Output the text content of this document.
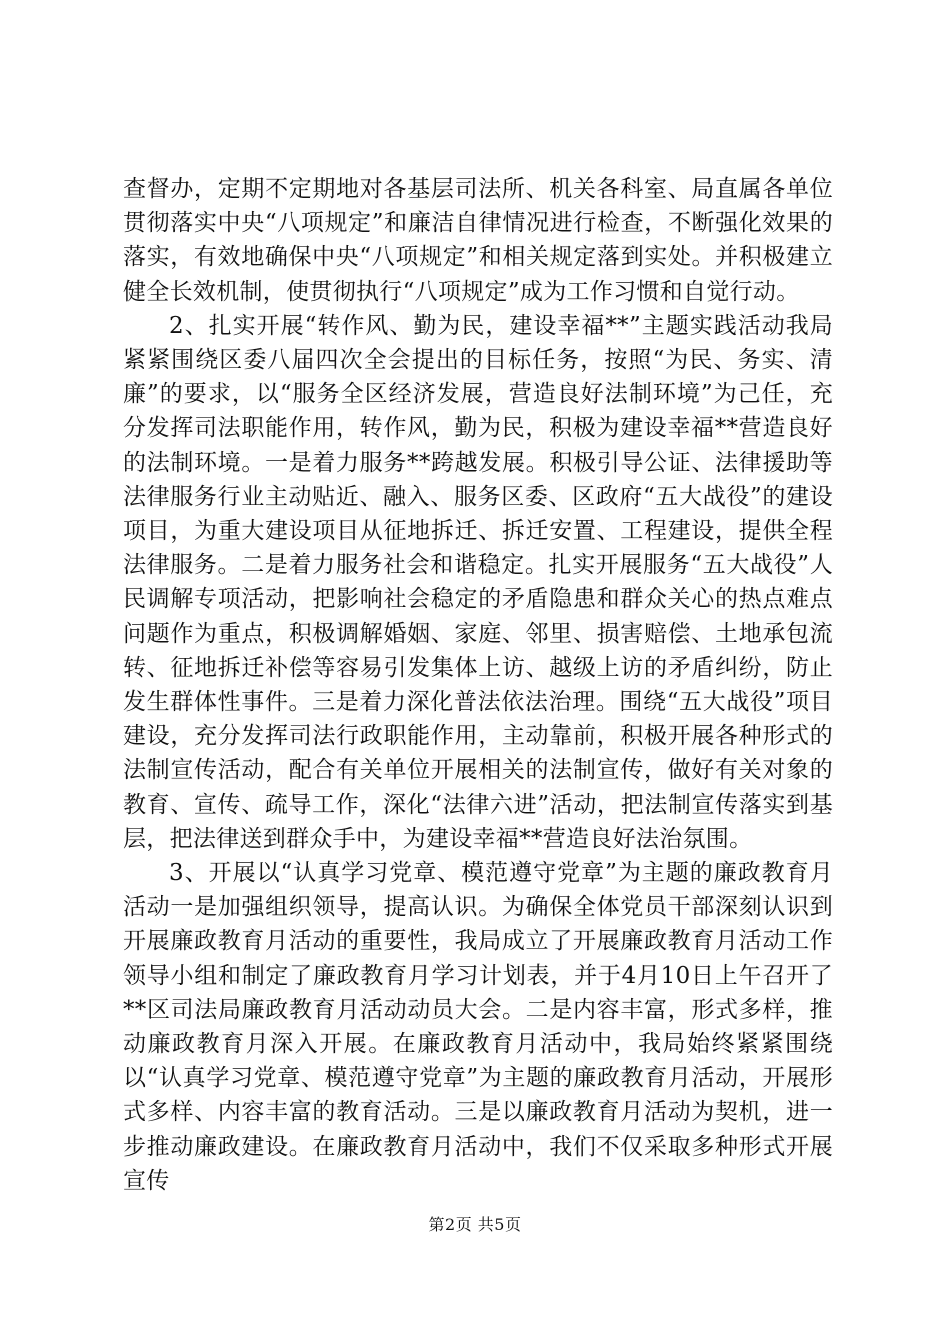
查督办，定期不定期地对各基层司法所、机关各科室、局直属各单位贯彻落实中央“八项规定”和廉洁自律情况进行检查，不断强化效果的落实，有效地确保中央“八项规定”和相关规定落到实处。并积极建立健全长效机制，使贯彻执行“八项规定”成为工作习惯和自觉行动。

2、扎实开展“转作风、勤为民，建设幸福**”主题实践活动我局紧紧围绕区委八届四次全会提出的目标任务，按照“为民、务实、清廉”的要求，以“服务全区经济发展，营造良好法制环境”为己任，充分发挥司法职能作用，转作风，勤为民，积极为建设幸福**营造良好的法制环境。一是着力服务**跨越发展。积极引导公证、法律援助等法律服务行业主动贴近、融入、服务区委、区政府“五大战役”的建设项目，为重大建设项目从征地拆迁、拆迁安置、工程建设，提供全程法律服务。二是着力服务社会和谐稳定。扎实开展服务“五大战役”人民调解专项活动，把影响社会稳定的矛盾隐患和群众关心的热点难点问题作为重点，积极调解婚姻、家庭、邻里、损害赔偿、土地承包流转、征地拆迁补偿等容易引发集体上访、越级上访的矛盾纠纷，防止发生群体性事件。三是着力深化普法依法治理。围绕“五大战役”项目建设，充分发挥司法行政职能作用，主动靠前，积极开展各种形式的法制宣传活动，配合有关单位开展相关的法制宣传，做好有关对象的教育、宣传、疏导工作，深化“法律六进”活动，把法制宣传落实到基层，把法律送到群众手中，为建设幸福**营造良好法治氛围。

3、开展以“认真学习党章、模范遵守党章”为主题的廉政教育月活动一是加强组织领导，提高认识。为确保全体党员干部深刻认识到开展廉政教育月活动的重要性，我局成立了开展廉政教育月活动工作领导小组和制定了廉政教育月学习计划表，并于4月10日上午召开了**区司法局廉政教育月活动动员大会。二是内容丰富，形式多样，推动廉政教育月深入开展。在廉政教育月活动中，我局始终紧紧围绕以“认真学习党章、模范遵守党章”为主题的廉政教育月活动，开展形式多样、内容丰富的教育活动。三是以廉政教育月活动为契机，进一步推动廉政建设。在廉政教育月活动中，我们不仅采取多种形式开展宣传

第2页 共5页
